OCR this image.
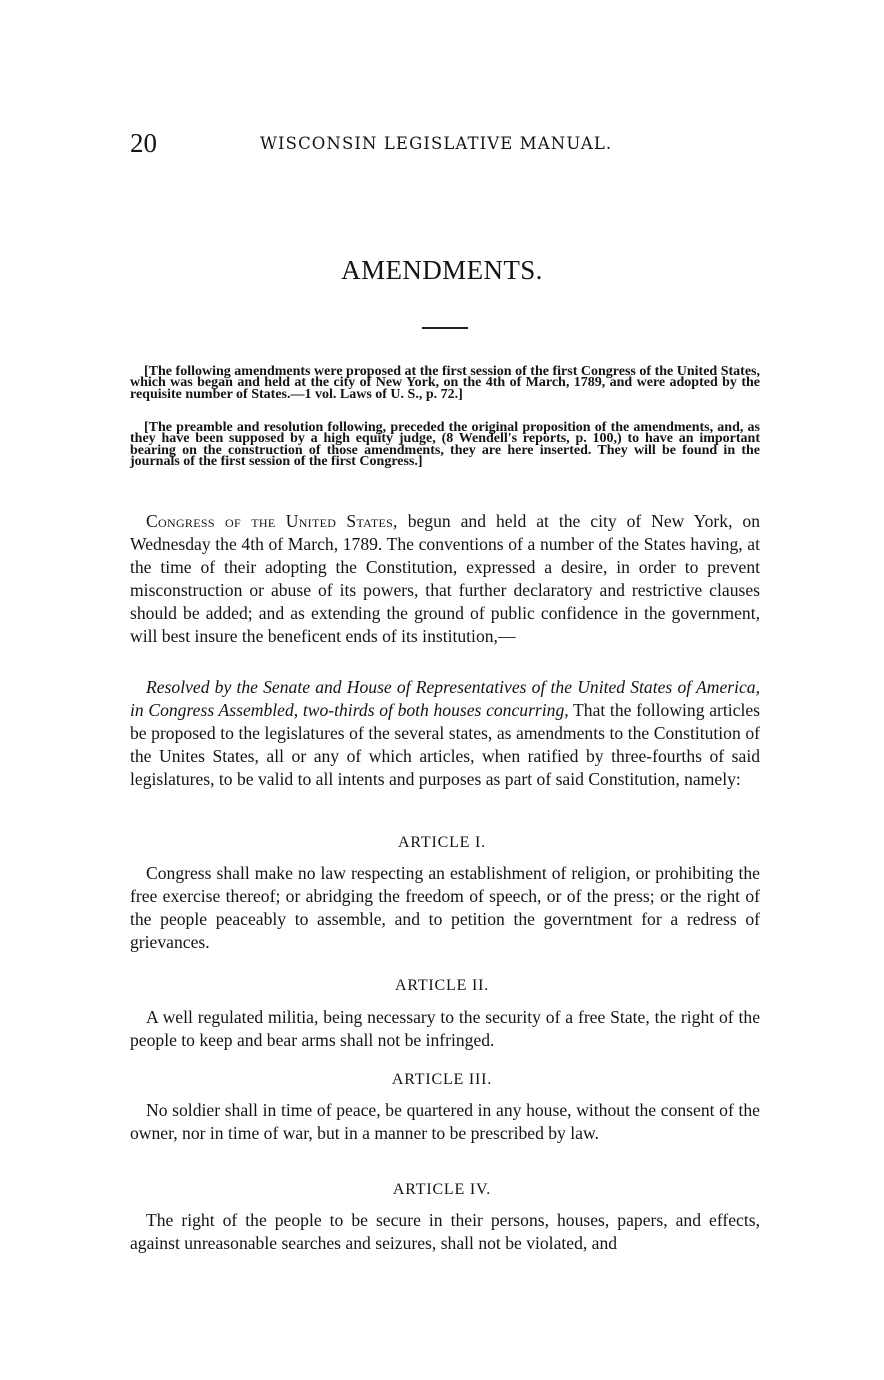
20	WISCONSIN LEGISLATIVE MANUAL.
AMENDMENTS.

[The following amendments were proposed at the first session of the first Congress of the United States, which was began and held at the city of New York, on the 4th of March, 1789, and were adopted by the requisite number of States.—1 vol. Laws of U. S., p. 72.]

[The preamble and resolution following, preceded the original proposition of the amendments, and, as they have been supposed by a high equity judge, (8 Wendell's reports, p. 100,) to have an important bearing on the construction of those amendments, they are here inserted. They will be found in the journals of the first session of the first Congress.]

Congress of the United States, begun and held at the city of New York, on Wednesday the 4th of March, 1789. The conventions of a number of the States having, at the time of their adopting the Constitution, expressed a desire, in order to prevent misconstruction or abuse of its powers, that further declaratory and restrictive clauses should be added; and as extending the ground of public confidence in the government, will best insure the beneficent ends of its institution,—

Resolved by the Senate and House of Representatives of the United States of America, in Congress Assembled, two-thirds of both houses concurring, That the following articles be proposed to the legislatures of the several states, as amendments to the Constitution of the Unites States, all or any of which articles, when ratified by three-fourths of said legislatures, to be valid to all intents and purposes as part of said Constitution, namely:

ARTICLE I.

Congress shall make no law respecting an establishment of religion, or prohibiting the free exercise thereof; or abridging the freedom of speech, or of the press; or the right of the people peaceably to assemble, and to petition the governtment for a redress of grievances.

ARTICLE II.

A well regulated militia, being necessary to the security of a free State, the right of the people to keep and bear arms shall not be infringed.

ARTICLE III.

No soldier shall in time of peace, be quartered in any house, without the consent of the owner, nor in time of war, but in a manner to be prescribed by law.

ARTICLE IV.

The right of the people to be secure in their persons, houses, papers, and effects, against unreasonable searches and seizures, shall not be violated, and
